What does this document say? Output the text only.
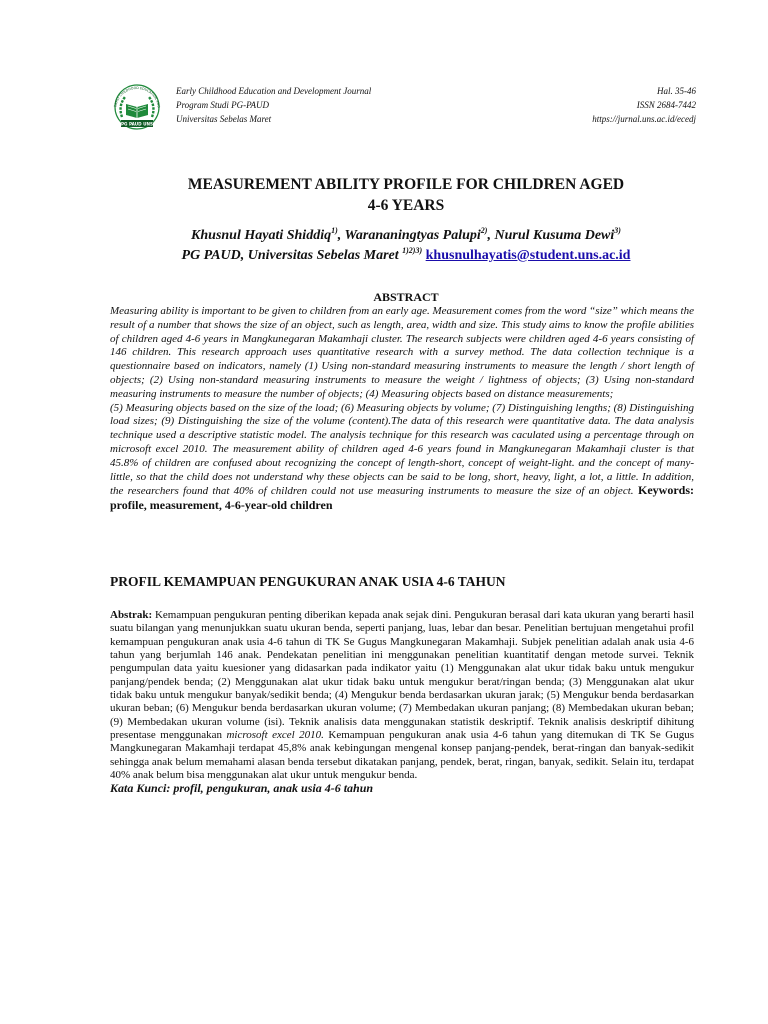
EARLY CHILDHOOD EDUCATION AND
PG PAUD UNS
Early Childhood Education and Development Journal
Program Studi PG-PAUD
Universitas Sebelas Maret
Hal. 35-46
ISSN 2684-7442
https://jurnal.uns.ac.id/ecedj
MEASUREMENT ABILITY PROFILE FOR CHILDREN AGED
4-6 YEARS
Khusnul Hayati Shiddiq$^{1)}$, Warananingtyas Palupi$^{2)}$, Nurul Kusuma Dewi$^{3)}$
PG PAUD, Universitas Sebelas Maret $^{1)2)3)}$ khusnulhayatis@student.uns.ac.id
ABSTRACT

Measuring ability is important to be given to children from an early age. Measurement comes from the word “size” which means the result of a number that shows the size of an object, such as length, area, width and size. This study aims to know the profile abilities of children aged 4-6 years in Mangkunegaran Makamhaji cluster. The research subjects were children aged 4-6 years consisting of 146 children. This research approach uses quantitative research with a survey method. The data collection technique is a questionnaire based on indicators, namely (1) Using non-standard measuring instruments to measure the length / short length of objects; (2) Using non-standard measuring instruments to measure the weight / lightness of objects; (3) Using non-standard measuring instruments to measure the number of objects; (4) Measuring objects based on distance measurements;

(5) Measuring objects based on the size of the load; (6) Measuring objects by volume; (7) Distinguishing lengths; (8) Distinguishing load sizes; (9) Distinguishing the size of the volume (content).The data of this research were quantitative data. The data analysis technique used a descriptive statistic model. The analysis technique for this research was caculated using a percentage through on microsoft excel 2010. The measurement ability of children aged 4-6 years found in Mangkunegaran Makamhaji cluster is that 45.8% of children are confused about recognizing the concept of length-short, concept of weight-light. and the concept of many-little, so that the child does not understand why these objects can be said to be long, short, heavy, light, a lot, a little. In addition, the researchers found that 40% of children could not use measuring instruments to measure the size of an object. Keywords: profile, measurement, 4-6-year-old children

PROFIL KEMAMPUAN PENGUKURAN ANAK USIA 4-6 TAHUN
Abstrak: Kemampuan pengukuran penting diberikan kepada anak sejak dini. Pengukuran berasal dari kata ukuran yang berarti hasil suatu bilangan yang menunjukkan suatu ukuran benda, seperti panjang, luas, lebar dan besar. Penelitian bertujuan mengetahui profil kemampuan pengukuran anak usia 4-6 tahun di TK Se Gugus Mangkunegaran Makamhaji. Subjek penelitian adalah anak usia 4-6 tahun yang berjumlah 146 anak. Pendekatan penelitian ini menggunakan penelitian kuantitatif dengan metode survei. Teknik pengumpulan data yaitu kuesioner yang didasarkan pada indikator yaitu (1) Menggunakan alat ukur tidak baku untuk mengukur panjang/pendek benda; (2) Menggunakan alat ukur tidak baku untuk mengukur berat/ringan benda; (3) Menggunakan alat ukur tidak baku untuk mengukur banyak/sedikit benda; (4) Mengukur benda berdasarkan ukuran jarak; (5) Mengukur benda berdasarkan ukuran beban; (6) Mengukur benda berdasarkan ukuran volume; (7) Membedakan ukuran panjang; (8) Membedakan ukuran beban; (9) Membedakan ukuran volume (isi). Teknik analisis data menggunakan statistik deskriptif. Teknik analisis deskriptif dihitung presentase menggunakan microsoft excel 2010. Kemampuan pengukuran anak usia 4-6 tahun yang ditemukan di TK Se Gugus Mangkunegaran Makamhaji terdapat 45,8% anak kebingungan mengenal konsep panjang-pendek, berat-ringan dan banyak-sedikit sehingga anak belum memahami alasan benda tersebut dikatakan panjang, pendek, berat, ringan, banyak, sedikit. Selain itu, terdapat 40% anak belum bisa menggunakan alat ukur untuk mengukur benda.
Kata Kunci: profil, pengukuran, anak usia 4-6 tahun
